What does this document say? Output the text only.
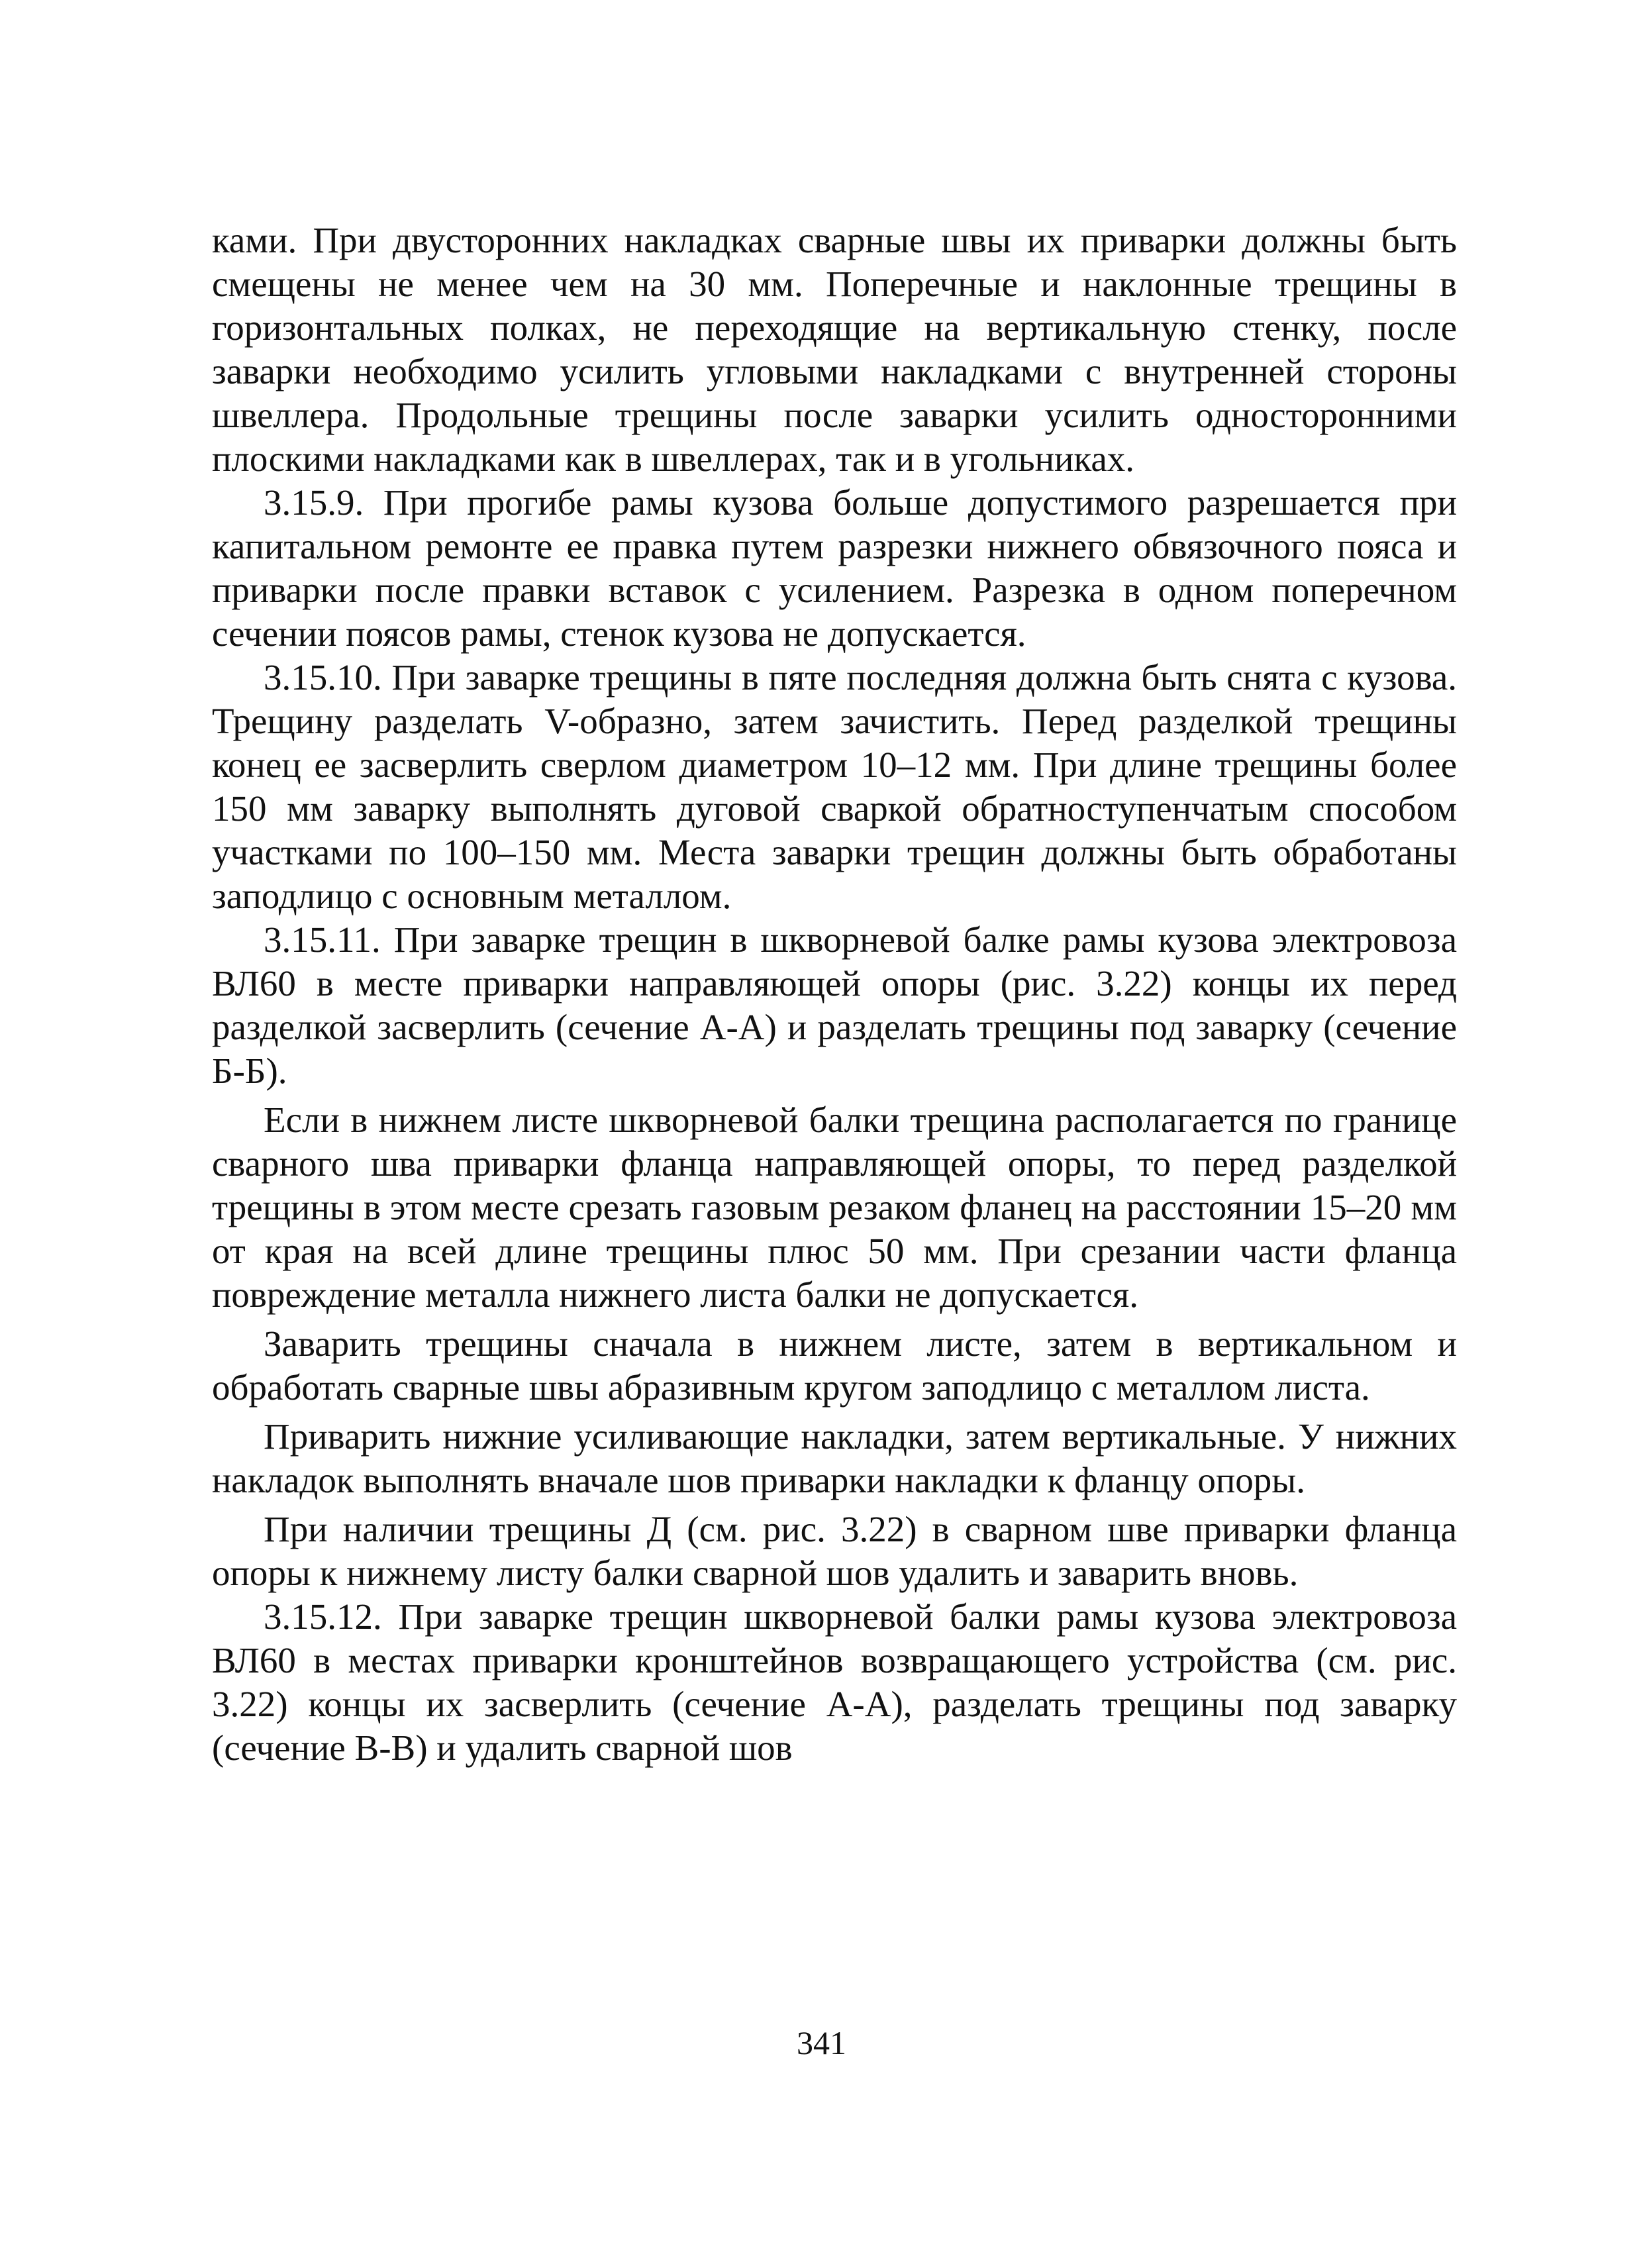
ками. При двусторонних накладках сварные швы их приварки должны быть смещены не менее чем на 30 мм. Поперечные и наклонные трещины в горизонтальных полках, не переходящие на вертикальную стенку, после заварки необходимо усилить угловыми накладками с внутренней стороны швеллера. Продольные трещины после заварки усилить односторонними плоскими накладками как в швеллерах, так и в угольниках.

3.15.9. При прогибе рамы кузова больше допустимого разрешается при капитальном ремонте ее правка путем разрезки нижнего обвязочного пояса и приварки после правки вставок с усилением. Разрезка в одном поперечном сечении поясов рамы, стенок кузова не допускается.

3.15.10. При заварке трещины в пяте последняя должна быть снята с кузова. Трещину разделать V-образно, затем зачистить. Перед разделкой трещины конец ее засверлить сверлом диаметром 10–12 мм. При длине трещины более 150 мм заварку выполнять дуговой сваркой обратноступенчатым способом участками по 100–150 мм. Места заварки трещин должны быть обработаны заподлицо с основным металлом.

3.15.11. При заварке трещин в шкворневой балке рамы кузова электровоза ВЛ60 в месте приварки направляющей опоры (рис. 3.22) концы их перед разделкой засверлить (сечение А-А) и разделать трещины под заварку (сечение Б-Б).

Если в нижнем листе шкворневой балки трещина располагается по границе сварного шва приварки фланца направляющей опоры, то перед разделкой трещины в этом месте срезать газовым резаком фланец на расстоянии 15–20 мм от края на всей длине трещины плюс 50 мм. При срезании части фланца повреждение металла нижнего листа балки не допускается.

Заварить трещины сначала в нижнем листе, затем в вертикальном и обработать сварные швы абразивным кругом заподлицо с металлом листа.

Приварить нижние усиливающие накладки, затем вертикальные. У нижних накладок выполнять вначале шов приварки накладки к фланцу опоры.

При наличии трещины Д (см. рис. 3.22) в сварном шве приварки фланца опоры к нижнему листу балки сварной шов удалить и заварить вновь.

3.15.12. При заварке трещин шкворневой балки рамы кузова электровоза ВЛ60 в местах приварки кронштейнов возвращающего устройства (см. рис. 3.22) концы их засверлить (сечение А-А), разделать трещины под заварку (сечение В-В) и удалить сварной шов

341
